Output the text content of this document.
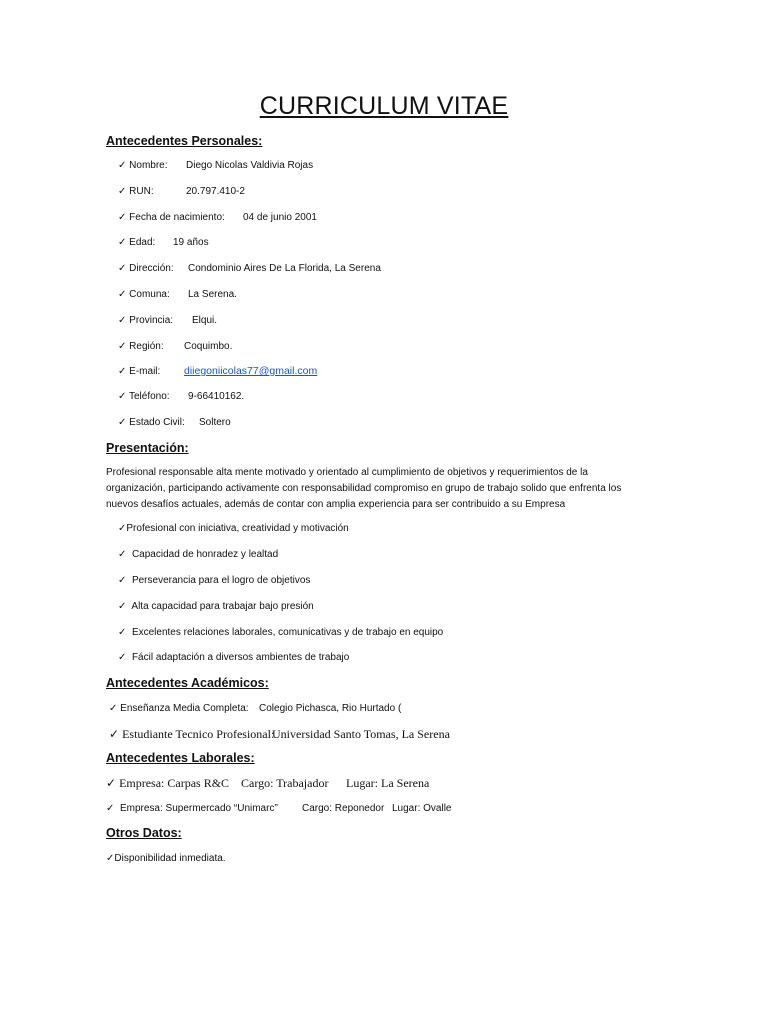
CURRICULUM VITAE
Antecedentes Personales:
✓ Nombre: Diego Nicolas Valdivia Rojas
✓ RUN:	20.797.410-2
✓ Fecha de nacimiento: 04 de junio 2001
✓ Edad: 19 años
✓ Dirección: Condominio Aires De La Florida, La Serena
✓ Comuna: La Serena.
✓ Provincia: Elqui.
✓ Región: Coquimbo.
✓ E-mail: diiegoniicolas77@gmail.com
✓ Teléfono: 9-66410162.
✓ Estado Civil: Soltero
Presentación:
Profesional responsable alta mente motivado y orientado al cumplimiento de objetivos y requerimientos de la
organización, participando activamente con responsabilidad compromiso en grupo de trabajo solido que enfrenta los
nuevos desafíos actuales, además de contar con amplia experiencia para ser contribuido a su Empresa
✓Profesional con iniciativa, creatividad y motivación
✓ Capacidad de honradez y lealtad
✓ Perseverancia para el logro de objetivos
✓ Alta capacidad para trabajar bajo presión
✓ Excelentes relaciones laborales, comunicativas y de trabajo en equipo
✓ Fácil adaptación a diversos ambientes de trabajo
Antecedentes Académicos:
✓ Enseñanza Media Completa: Colegio Pichasca, Rio Hurtado (
✓ Estudiante Tecnico Profesional:
Universidad Santo Tomas, La Serena
Antecedentes Laborales:
✓ Empresa: Carpas R&C Cargo: Trabajador Lugar: La Serena
✓ Empresa: Supermercado “Unimarc” Cargo: Reponedor Lugar: Ovalle
Otros Datos:
✓Disponibilidad inmediata.
